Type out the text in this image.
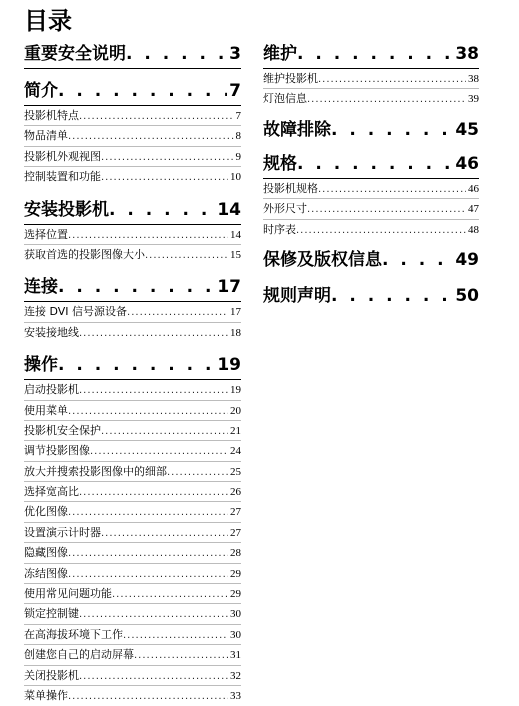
目录
重要安全说明 . . .	3
简介 . . .	7
投影机特点 .....	7
物品清单 .....	8
投影机外观视图 .....	9
控制装置和功能 .....	10
安装投影机 . . .	14
选择位置 .....	14
获取首选的投影图像大小 .....	15
连接 . . .	17
连接 DVI 信号源设备 .....	17
安装接地线 .....	18
操作 . . .	19
启动投影机 .....	19
使用菜单 .....	20
投影机安全保护 .....	21
调节投影图像 .....	24
放大并搜索投影图像中的细部 .....	25
选择宽高比 .....	26
优化图像 .....	27
设置演示计时器 .....	27
隐藏图像 .....	28
冻结图像 .....	29
使用常见问题功能 .....	29
锁定控制键 .....	30
在高海拔环境下工作 .....	30
创建您自己的启动屏幕 .....	31
关闭投影机 .....	32
菜单操作 .....	33
维护 . . .	38
维护投影机 .....	38
灯泡信息 .....	39
故障排除 . . .	45
规格 . . .	46
投影机规格 .....	46
外形尺寸 .....	47
时序表 .....	48
保修及版权信息 . . .	49
规则声明 . . .	50
